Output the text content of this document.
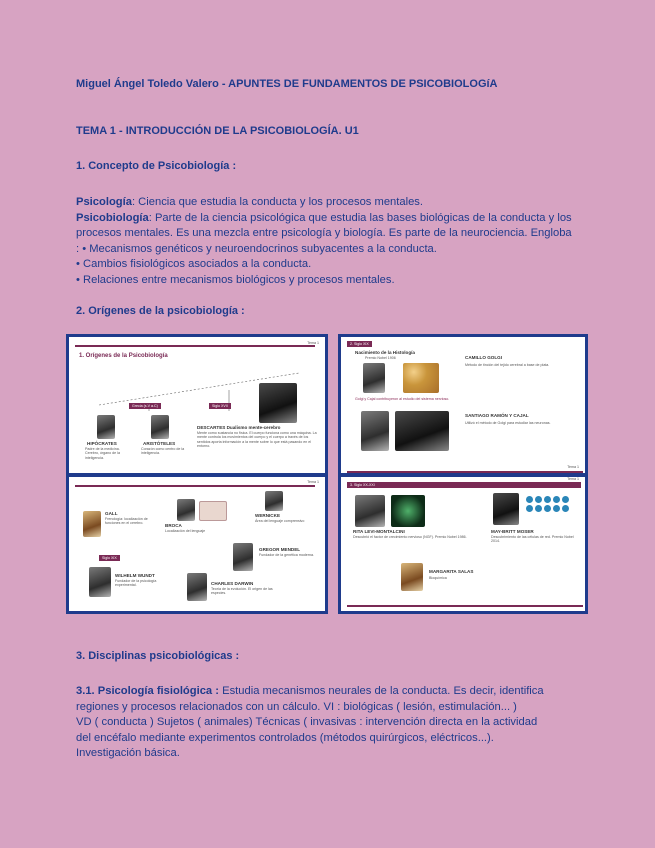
Miguel Ángel Toledo Valero - APUNTES DE FUNDAMENTOS DE PSICOBIOLOGíA
TEMA 1 - INTRODUCCIÓN DE LA PSICOBIOLOGÍA. U1
1. Concepto de Psicobiología :
Psicología: Ciencia que estudia la conducta y los procesos mentales.
Psicobiología: Parte de la ciencia psicológica que estudia las bases biológicas de la conducta y los procesos mentales. Es una mezcla entre psicología y biología. Es parte de la neurociencia. Engloba : • Mecanismos genéticos y neuroendocrinos subyacentes a la conducta.
• Cambios fisiológicos asociados a la conducta.
• Relaciones entre mecanismos biológicos y procesos mentales.
2. Orígenes de la psicobiología :
1. Orígenes de la Psicobiología
Tema 1
Grecia (s.V a.C)	Siglo XVII
HIPÓCRATES
Padre de la medicina. Cerebro, órgano de la inteligencia.
ARISTÓTELES
Corazón como centro de la inteligencia.
DESCARTES Dualismo mente-cerebro
Mente como sustancia no física. El cuerpo funciona como una máquina. La mente controla los movimientos del cuerpo y el cuerpo a través de los sentidos aporta información a la mente sobre lo que está pasando en el entorno.
2. Siglo XIX
Nacimiento de la Histología
Premio Nobel 1906
Golgi y Cajal contribuyeron al estudio del sistema nervioso.
CAMILLO GOLGI
Método de tinción del tejido cerebral a base de plata.
SANTIAGO RAMÓN Y CAJAL
Utilizó el método de Golgi para estudiar las neuronas.
Tema 1
Tema 1
GALL
Frenología: localización de funciones en el cerebro.	BROCA
Localización del lenguaje
WERNICKE
Área del lenguaje comprensivo
Siglo XIX
WILHELM WUNDT
Fundador de la psicología experimental.	CHARLES DARWIN
Teoría de la evolución. El origen de las especies.
GREGOR MENDEL
Fundador de la genética moderna.
Tema 1
3. Siglo XX-XXI
RITA LEVI-MONTALCINI
Descubrió el factor de crecimiento nervioso (NGF). Premio Nobel 1986.
MAY-BRITT MOSER
Descubrimiento de las células de red. Premio Nobel 2014.
MARGARITA SALAS
Bioquímica
3. Disciplinas psicobiológicas :
3.1. Psicología fisiológica : Estudia mecanismos neurales de la conducta. Es decir, identifica
regiones y procesos relacionados con un cálculo. VI : biológicas ( lesión, estimulación... )
VD ( conducta ) Sujetos ( animales) Técnicas ( invasivas : intervención directa en la actividad
del encéfalo mediante experimentos controlados (métodos quirúrgicos, eléctricos...).
Investigación básica.
